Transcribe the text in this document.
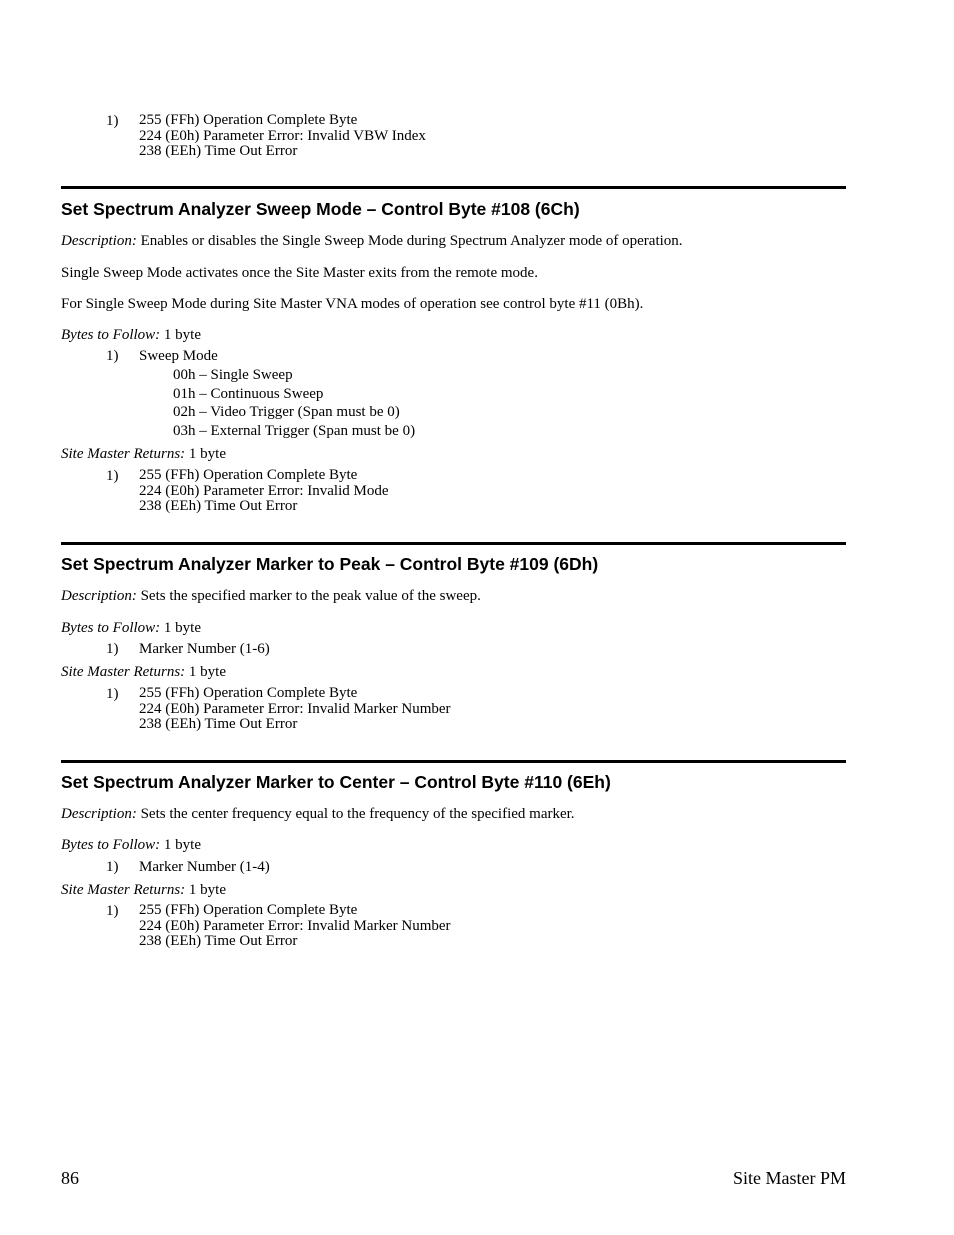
1) 255 (FFh) Operation Complete Byte
224 (E0h) Parameter Error: Invalid VBW Index
238 (EEh) Time Out Error
Set Spectrum Analyzer Sweep Mode – Control Byte #108 (6Ch)
Description: Enables or disables the Single Sweep Mode during Spectrum Analyzer mode of operation.
Single Sweep Mode activates once the Site Master exits from the remote mode.
For Single Sweep Mode during Site Master VNA modes of operation see control byte #11 (0Bh).
Bytes to Follow: 1 byte
1) Sweep Mode
00h – Single Sweep
01h – Continuous Sweep
02h – Video Trigger (Span must be 0)
03h – External Trigger (Span must be 0)
Site Master Returns: 1 byte
1) 255 (FFh) Operation Complete Byte
224 (E0h) Parameter Error: Invalid Mode
238 (EEh) Time Out Error
Set Spectrum Analyzer Marker to Peak – Control Byte #109 (6Dh)
Description: Sets the specified marker to the peak value of the sweep.
Bytes to Follow: 1 byte
1) Marker Number (1-6)
Site Master Returns: 1 byte
1) 255 (FFh) Operation Complete Byte
224 (E0h) Parameter Error: Invalid Marker Number
238 (EEh) Time Out Error
Set Spectrum Analyzer Marker to Center – Control Byte #110 (6Eh)
Description: Sets the center frequency equal to the frequency of the specified marker.
Bytes to Follow: 1 byte
1) Marker Number (1-4)
Site Master Returns: 1 byte
1) 255 (FFh) Operation Complete Byte
224 (E0h) Parameter Error: Invalid Marker Number
238 (EEh) Time Out Error
86	Site Master PM
